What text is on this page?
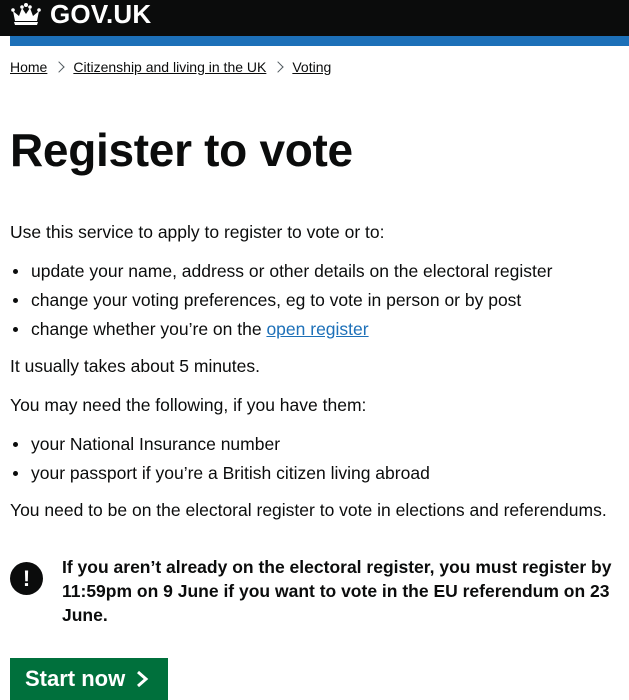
GOV.UK
Home Citizenship and living in the UK Voting
Register to vote

Use this service to apply to register to vote or to:

update your name, address or other details on the electoral register
change your voting preferences, eg to vote in person or by post
change whether you’re on the open register

It usually takes about 5 minutes.

You may need the following, if you have them:

your National Insurance number
your passport if you’re a British citizen living abroad

You need to be on the electoral register to vote in elections and referendums.

!	If you aren’t already on the electoral register, you must register by 11:59pm on 9 June if you want to vote in the EU referendum on 23 June.
Start now
